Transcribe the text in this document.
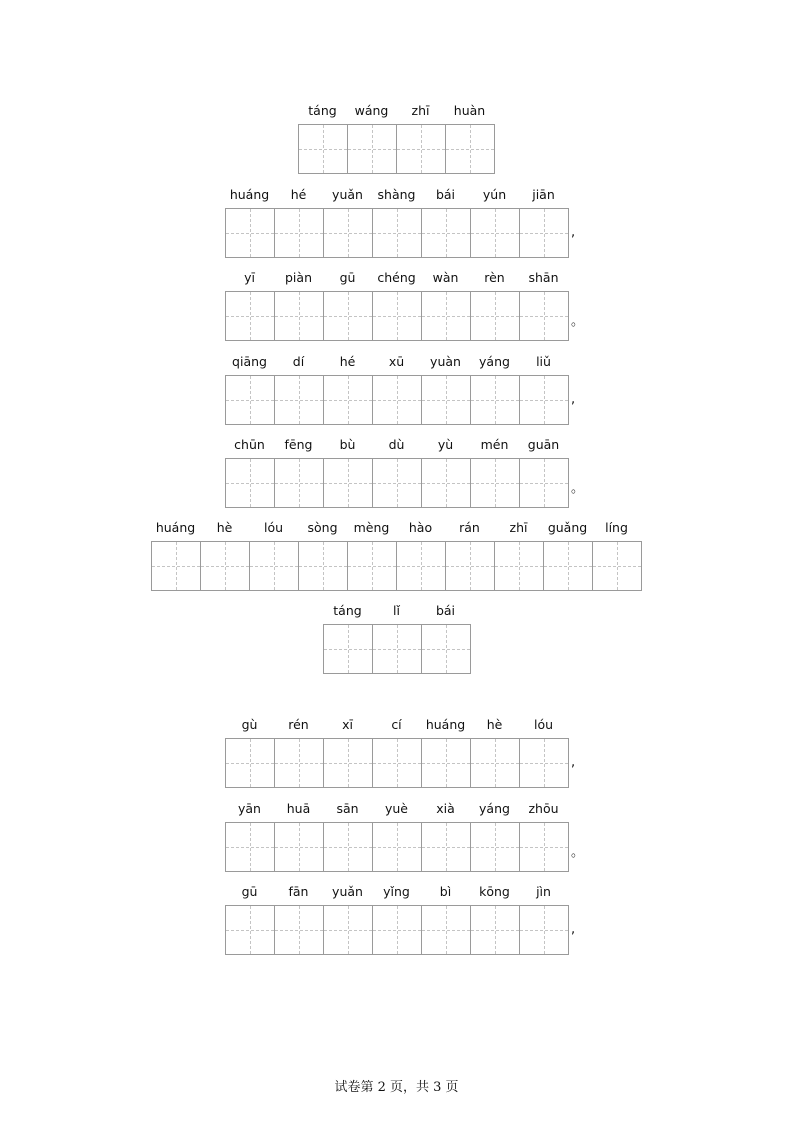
táng	wáng	zhī	huàn
huáng	hé	yuǎn	shàng	bái	yún	jiān
,
yī	piàn	gū	chéng	wàn	rèn	shān
。
qiāng	dí	hé	xū	yuàn	yáng	liǔ
,
chūn	fēng	bù	dù	yù	mén	guān
。
huáng	hè	lóu	sòng	mèng	hào	rán	zhī	guǎng	líng
táng	lǐ	bái
gù	rén	xī	cí	huáng	hè	lóu
,
yān	huā	sān	yuè	xià	yáng	zhōu
。
gū	fān	yuǎn	yǐng	bì	kōng	jìn
,
试卷第 2 页，共 3 页
